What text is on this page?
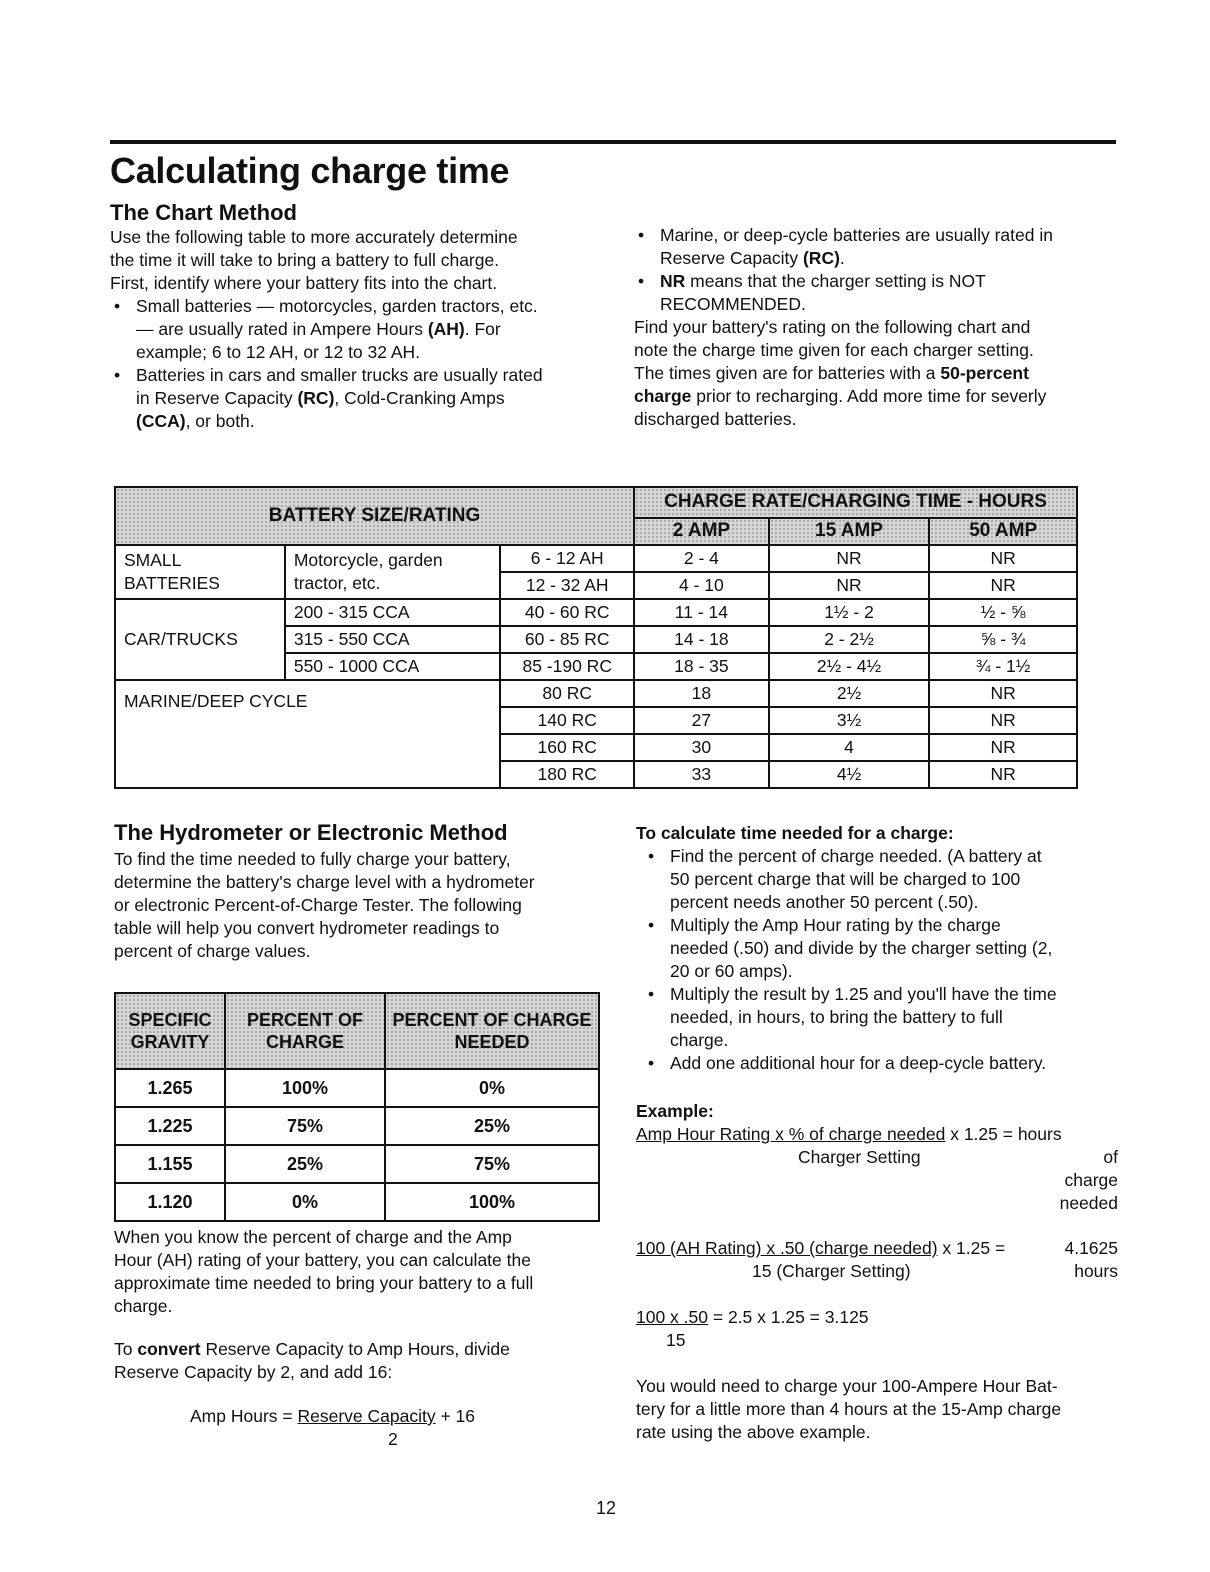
Calculating charge time
The Chart Method

Use the following table to more accurately determine

the time it will take to bring a battery to full charge.

First, identify where your battery fits into the chart.

• Small batteries — motorcycles, garden tractors, etc.
— are usually rated in Ampere Hours (AH). For
example; 6 to 12 AH, or 12 to 32 AH.
• Batteries in cars and smaller trucks are usually rated
in Reserve Capacity (RC), Cold-Cranking Amps
(CCA), or both.
• Marine, or deep-cycle batteries are usually rated in
Reserve Capacity (RC).
• NR means that the charger setting is NOT
RECOMMENDED.

Find your battery's rating on the following chart and
note the charge time given for each charger setting.
The times given are for batteries with a 50-percent
charge prior to recharging. Add more time for severly
discharged batteries.

BATTERY SIZE/RATING			CHARGE RATE/CHARGING TIME - HOURS		
			2 AMP	15 AMP	50 AMP
SMALL BATTERIES	Motorcycle, garden tractor, etc.	6 - 12 AH	2 - 4	NR	NR
		12 - 32 AH	4 - 10	NR	NR
CAR/TRUCKS	200 - 315 CCA	40 - 60 RC	11 - 14	1½ - 2	½ - ⅝
	315 - 550 CCA	60 - 85 RC	14 - 18	2 - 2½	⅝ - ¾
	550 - 1000 CCA	85 -190 RC	18 - 35	2½ - 4½	¾ - 1½
MARINE/DEEP CYCLE		80 RC	18	2½	NR
		140 RC	27	3½	NR
		160 RC	30	4	NR
		180 RC	33	4½	NR
The Hydrometer or Electronic Method

To find the time needed to fully charge your battery,

determine the battery's charge level with a hydrometer

or electronic Percent-of-Charge Tester. The following

table will help you convert hydrometer readings to

percent of charge values.

SPECIFIC GRAVITY	PERCENT OF CHARGE	PERCENT OF CHARGE NEEDED
1.265	100%	0%
1.225	75%	25%
1.155	25%	75%
1.120	0%	100%

When you know the percent of charge and the Amp

Hour (AH) rating of your battery, you can calculate the

approximate time needed to bring your battery to a full

charge.

To convert Reserve Capacity to Amp Hours, divide

Reserve Capacity by 2, and add 16:

Amp Hours = Reserve Capacity + 16
2

To calculate time needed for a charge:

• Find the percent of charge needed. (A battery at
50 percent charge that will be charged to 100
percent needs another 50 percent (.50).
• Multiply the Amp Hour rating by the charge
needed (.50) and divide by the charger setting (2,
20 or 60 amps).
• Multiply the result by 1.25 and you'll have the time
needed, in hours, to bring the battery to full
charge.
• Add one additional hour for a deep-cycle battery.
Example:
Amp Hour Rating x % of charge needed x 1.25 = hours
Charger Setting	of

charge

needed

100 (AH Rating) x .50 (charge needed) x 1.25 =	4.1625
15 (Charger Setting)	hours
100 x .50 = 2.5 x 1.25 = 3.125
15

You would need to charge your 100-Ampere Hour Bat-

tery for a little more than 4 hours at the 15-Amp charge

rate using the above example.

12
